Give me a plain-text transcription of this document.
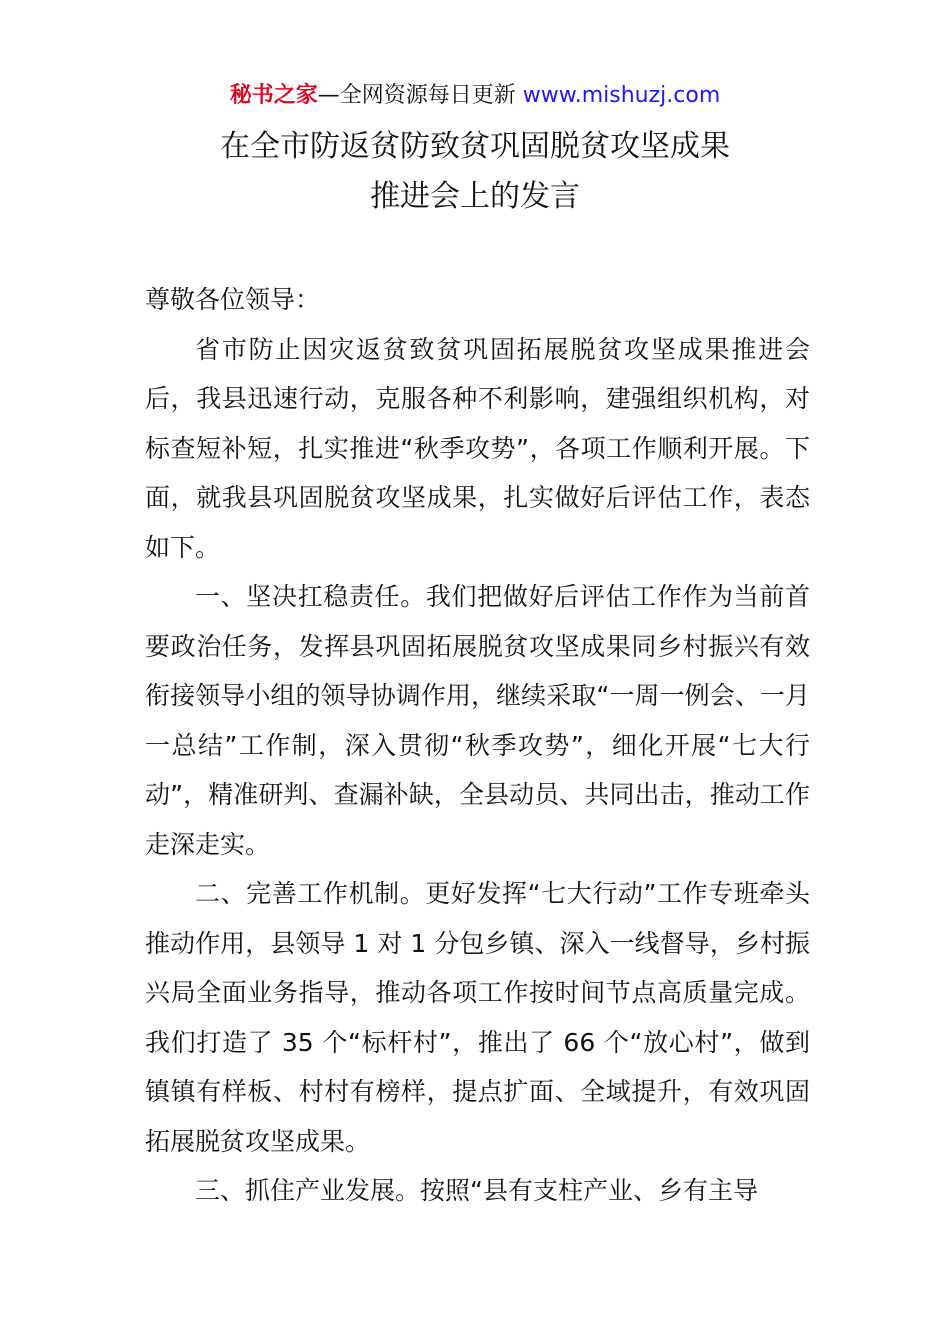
秘书之家—全网资源每日更新 www.mishuzj.com
在全市防返贫防致贫巩固脱贫攻坚成果
推进会上的发言
尊敬各位领导：

省市防止因灾返贫致贫巩固拓展脱贫攻坚成果推进会后，我县迅速行动，克服各种不利影响，建强组织机构，对标查短补短，扎实推进“秋季攻势”，各项工作顺利开展。下面，就我县巩固脱贫攻坚成果，扎实做好后评估工作，表态如下。

一、坚决扛稳责任。我们把做好后评估工作作为当前首要政治任务，发挥县巩固拓展脱贫攻坚成果同乡村振兴有效衔接领导小组的领导协调作用，继续采取“一周一例会、一月一总结”工作制，深入贯彻“秋季攻势”，细化开展“七大行动”，精准研判、查漏补缺，全县动员、共同出击，推动工作走深走实。

二、完善工作机制。更好发挥“七大行动”工作专班牵头推动作用，县领导 1 对 1 分包乡镇、深入一线督导，乡村振兴局全面业务指导，推动各项工作按时间节点高质量完成。我们打造了 35 个“标杆村”，推出了 66 个“放心村”，做到镇镇有样板、村村有榜样，提点扩面、全域提升，有效巩固拓展脱贫攻坚成果。

三、抓住产业发展。按照“县有支柱产业、乡有主导
